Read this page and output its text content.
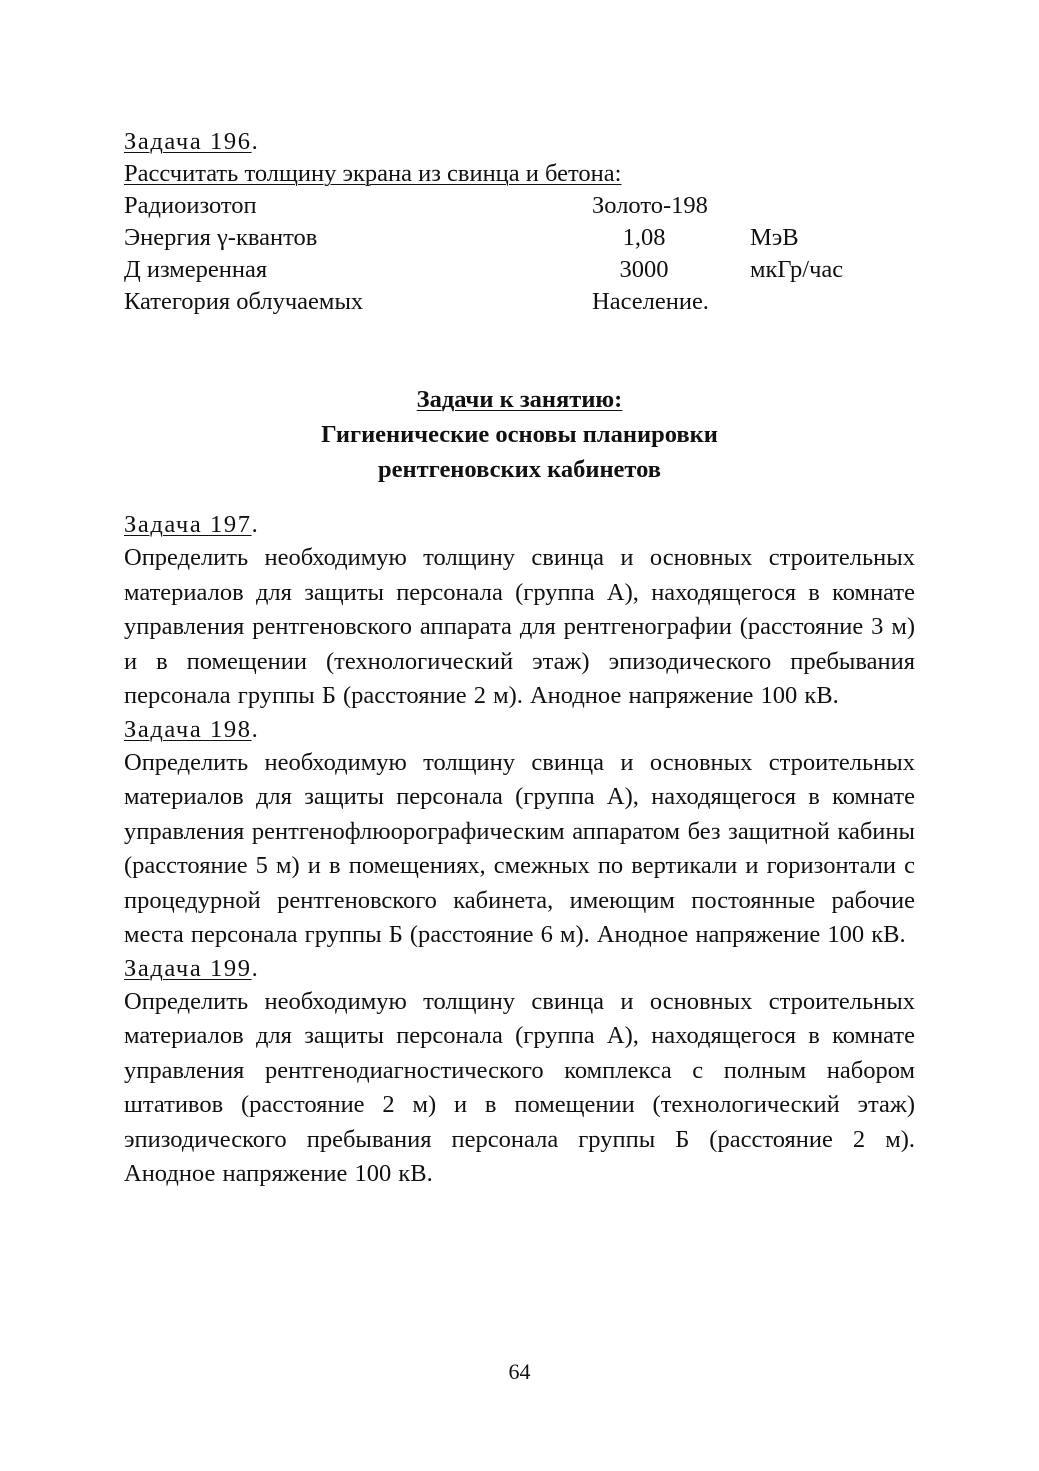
Задача 196.
Рассчитать толщину экрана из свинца и бетона:
Радиоизотоп	Золото-198
Энергия γ-квантов	1,08	МэВ
Д измеренная	3000	мкГр/час
Категория облучаемых	Население.
Задачи к занятию:
Гигиенические основы планировки
рентгеновских кабинетов
Задача 197.
Определить необходимую толщину свинца и основных строительных материалов для защиты персонала (группа А), находящегося в комнате управления рентгеновского аппарата для рентгенографии (расстояние 3 м) и в помещении (технологический этаж) эпизодического пребывания персонала группы Б (расстояние 2 м). Анодное напряжение 100 кВ.
Задача 198.
Определить необходимую толщину свинца и основных строительных материалов для защиты персонала (группа А), находящегося в комнате управления рентгенофлюорографическим аппаратом без защитной кабины (расстояние 5 м) и в помещениях, смежных по вертикали и горизонтали с процедурной рентгеновского кабинета, имеющим постоянные рабочие места персонала группы Б (расстояние 6 м). Анодное напряжение 100 кВ.
Задача 199.
Определить необходимую толщину свинца и основных строительных материалов для защиты персонала (группа А), находящегося в комнате управления рентгенодиагностического комплекса с полным набором штативов (расстояние 2 м) и в помещении (технологический этаж) эпизодического пребывания персонала группы Б (расстояние 2 м). Анодное напряжение 100 кВ.
64
